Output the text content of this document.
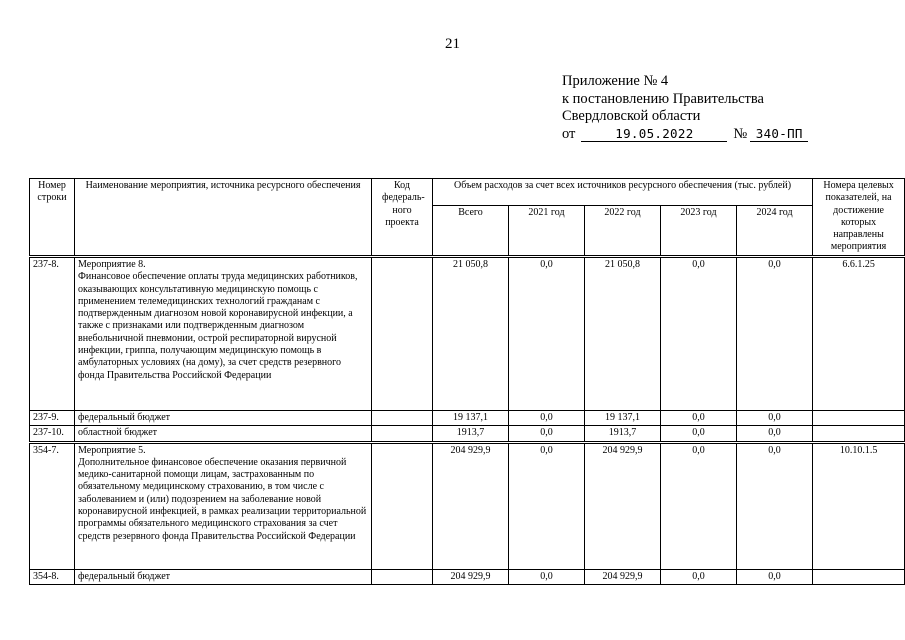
21
Приложение № 4
к постановлению Правительства
Свердловской области
от	19.05.2022	№ 340-ПП
Номер строки	Наименование мероприятия, источника ресурсного обеспечения	Код федераль-ного проекта	Объем расходов за счет всех источников ресурсного обеспечения (тыс. рублей)					Номера целевых показателей, на достижение которых направлены мероприятия
			Всего	2021 год	2022 год	2023 год	2024 год	
237-8.	Мероприятие 8.
Финансовое обеспечение оплаты труда медицинских работников, оказывающих консультативную медицинскую помощь с применением телемедицинских технологий гражданам с подтвержденным диагнозом новой коронавирусной инфекции, а также с признаками или подтвержденным диагнозом внебольничной пневмонии, острой респираторной вирусной инфекции, гриппа, получающим медицинскую помощь в амбулаторных условиях (на дому), за счет средств резервного фонда Правительства Российской Федерации		21 050,8	0,0	21 050,8	0,0	0,0	6.6.1.25
237-9.	федеральный бюджет		19 137,1	0,0	19 137,1	0,0	0,0	
237-10.	областной бюджет		1913,7	0,0	1913,7	0,0	0,0	
354-7.	Мероприятие 5.
Дополнительное финансовое обеспечение оказания первичной медико-санитарной помощи лицам, застрахованным по обязательному медицинскому страхованию, в том числе с заболеванием и (или) подозрением на заболевание новой коронавирусной инфекцией, в рамках реализации территориальной программы обязательного медицинского страхования за счет средств резервного фонда Правительства Российской Федерации		204 929,9	0,0	204 929,9	0,0	0,0	10.10.1.5
354-8.	федеральный бюджет		204 929,9	0,0	204 929,9	0,0	0,0	
